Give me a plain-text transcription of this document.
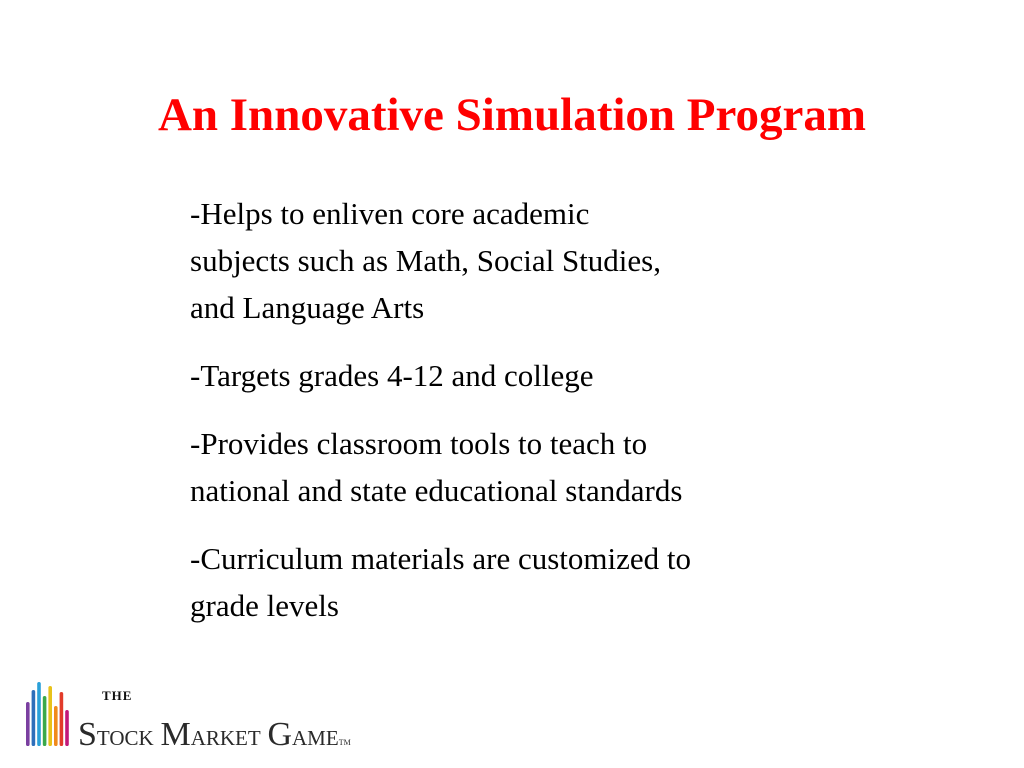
An Innovative Simulation Program

-Helps to enliven core academic
subjects such as Math, Social Studies,
and Language Arts

-Targets grades 4-12 and college

-Provides classroom tools to teach to
national and state educational standards

-Curriculum materials are customized to
grade levels

THE
STOCK MARKET GAMETM
